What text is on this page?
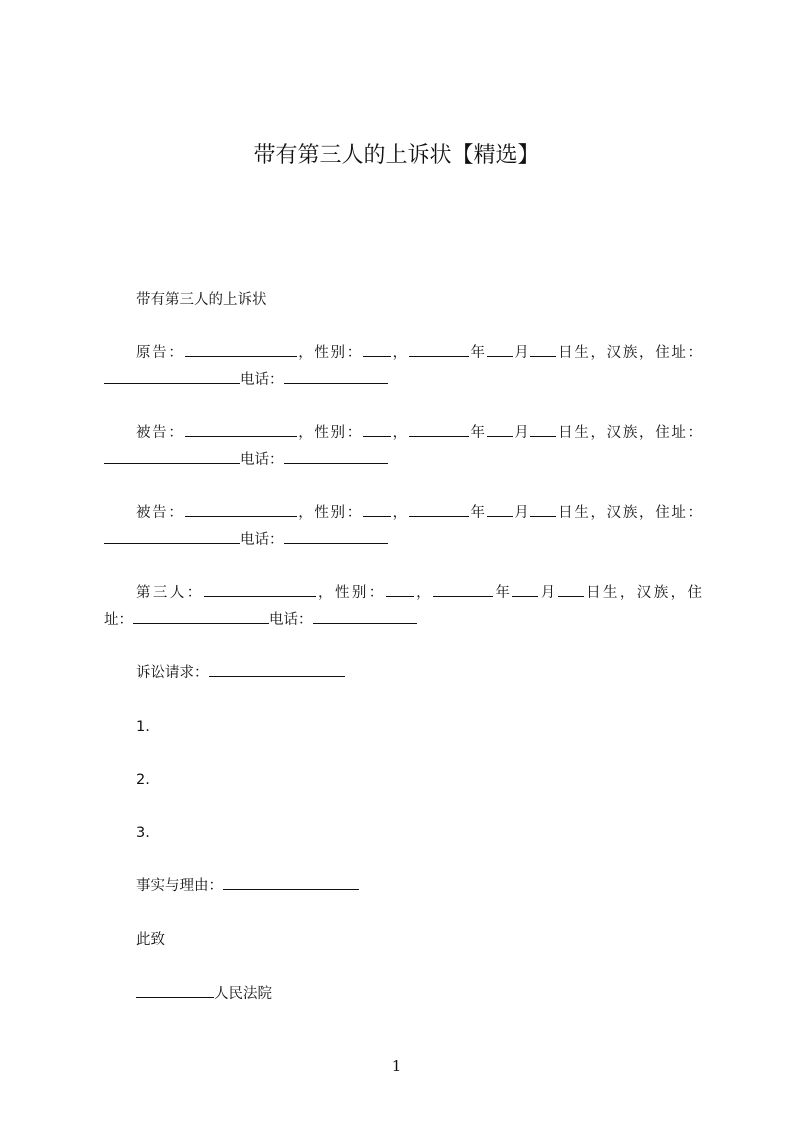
带有第三人的上诉状【精选】
带有第三人的上诉状
原告：	，性别： ，	年 月 日生，汉族，住址：
电话：
被告：	，性别： ，	年 月 日生，汉族，住址：
电话：
被告：	，性别： ，	年 月 日生，汉族，住址：
电话：
第三人：	，性别： ，	年 月 日生，汉族，住
址：	电话：
诉讼请求：
1.
2.
3.
事实与理由：
此致
人民法院
1
